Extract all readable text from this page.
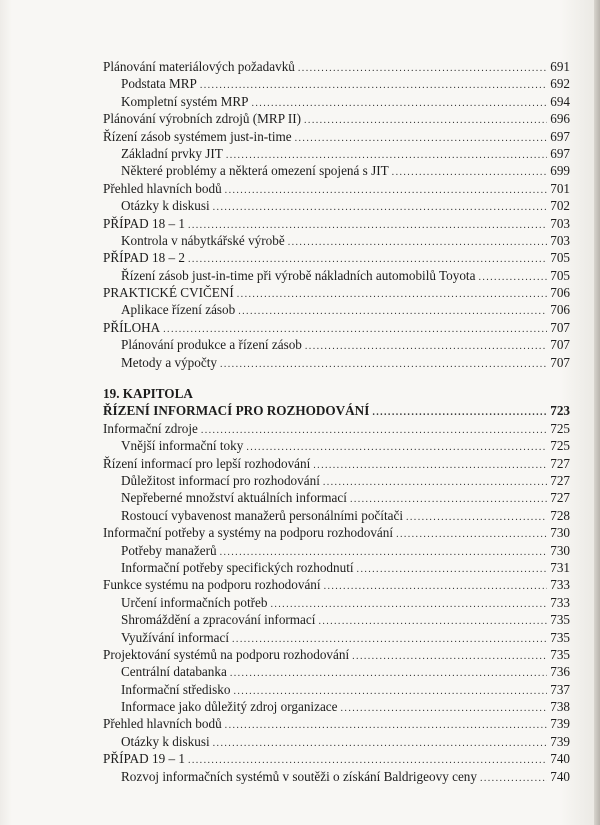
Plánování materiálových požadavků .....	691
Podstata MRP .....	692
Kompletní systém MRP .....	694
Plánování výrobních zdrojů (MRP II) .....	696
Řízení zásob systémem just-in-time .....	697
Základní prvky JIT .....	697
Některé problémy a některá omezení spojená s JIT .....	699
Přehled hlavních bodů .....	701
Otázky k diskusi .....	702
PŘÍPAD 18 – 1 .....	703
Kontrola v nábytkářské výrobě .....	703
PŘÍPAD 18 – 2 .....	705
Řízení zásob just-in-time při výrobě nákladních automobilů Toyota .....	705
PRAKTICKÉ CVIČENÍ .....	706
Aplikace řízení zásob .....	706
PŘÍLOHA .....	707
Plánování produkce a řízení zásob .....	707
Metody a výpočty .....	707
19. KAPITOLA
ŘÍZENÍ INFORMACÍ PRO ROZHODOVÁNÍ .....	723
Informační zdroje .....	725
Vnější informační toky .....	725
Řízení informací pro lepší rozhodování .....	727
Důležitost informací pro rozhodování .....	727
Nepřeberné množství aktuálních informací .....	727
Rostoucí vybavenost manažerů personálními počítači .....	728
Informační potřeby a systémy na podporu rozhodování .....	730
Potřeby manažerů .....	730
Informační potřeby specifických rozhodnutí .....	731
Funkce systému na podporu rozhodování .....	733
Určení informačních potřeb .....	733
Shromáždění a zpracování informací .....	735
Využívání informací .....	735
Projektování systémů na podporu rozhodování .....	735
Centrální databanka .....	736
Informační středisko .....	737
Informace jako důležitý zdroj organizace .....	738
Přehled hlavních bodů .....	739
Otázky k diskusi .....	739
PŘÍPAD 19 – 1 .....	740
Rozvoj informačních systémů v soutěži o získání Baldrigeovy ceny .....	740
